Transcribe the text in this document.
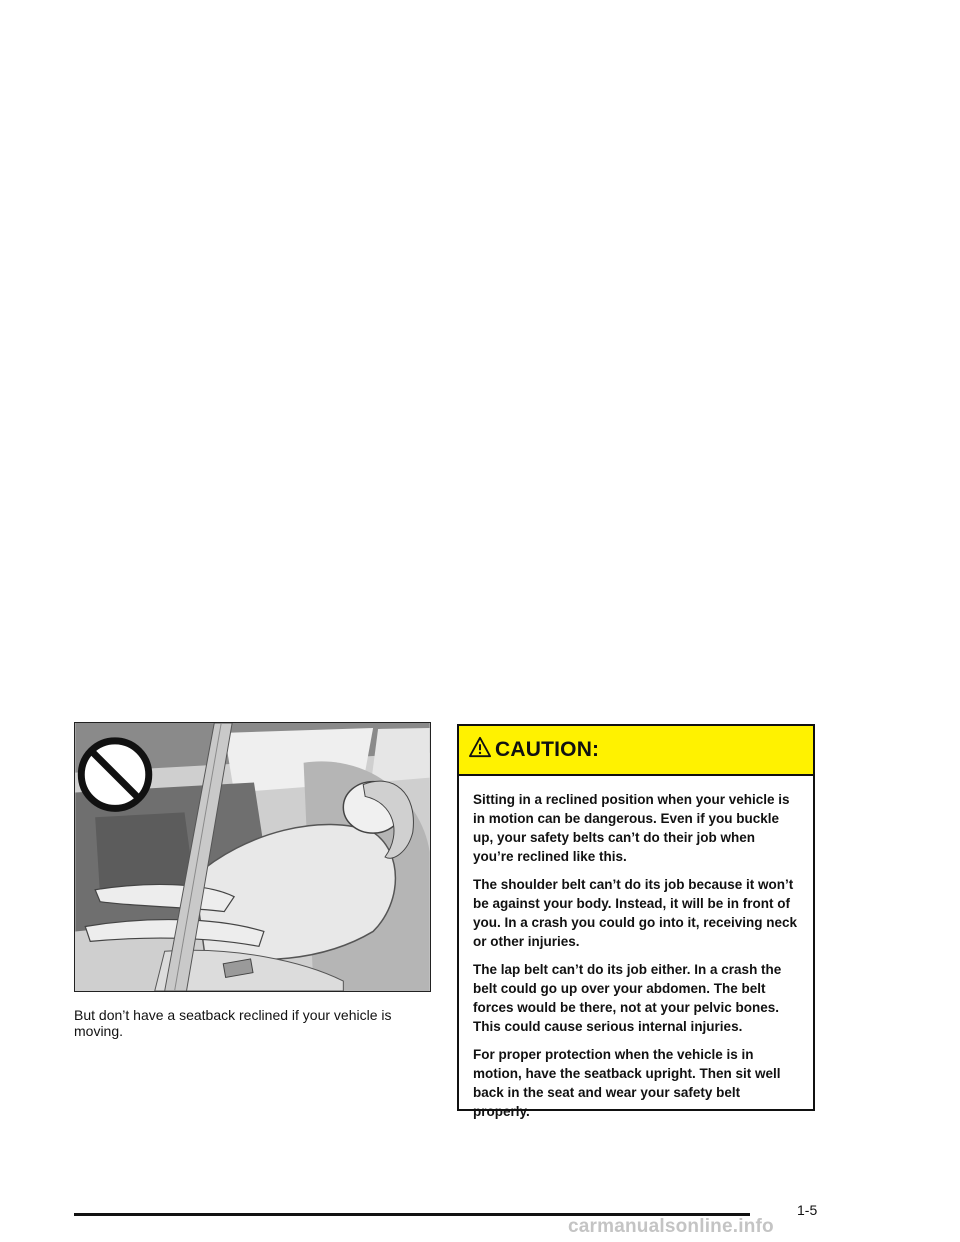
But don’t have a seatback reclined if your vehicle is moving.
CAUTION:

Sitting in a reclined position when your vehicle is in motion can be dangerous. Even if you buckle up, your safety belts can’t do their job when you’re reclined like this.

The shoulder belt can’t do its job because it won’t be against your body. Instead, it will be in front of you. In a crash you could go into it, receiving neck or other injuries.

The lap belt can’t do its job either. In a crash the belt could go up over your abdomen. The belt forces would be there, not at your pelvic bones. This could cause serious internal injuries.

For proper protection when the vehicle is in motion, have the seatback upright. Then sit well back in the seat and wear your safety belt properly.

1-5
carmanualsonline.info
